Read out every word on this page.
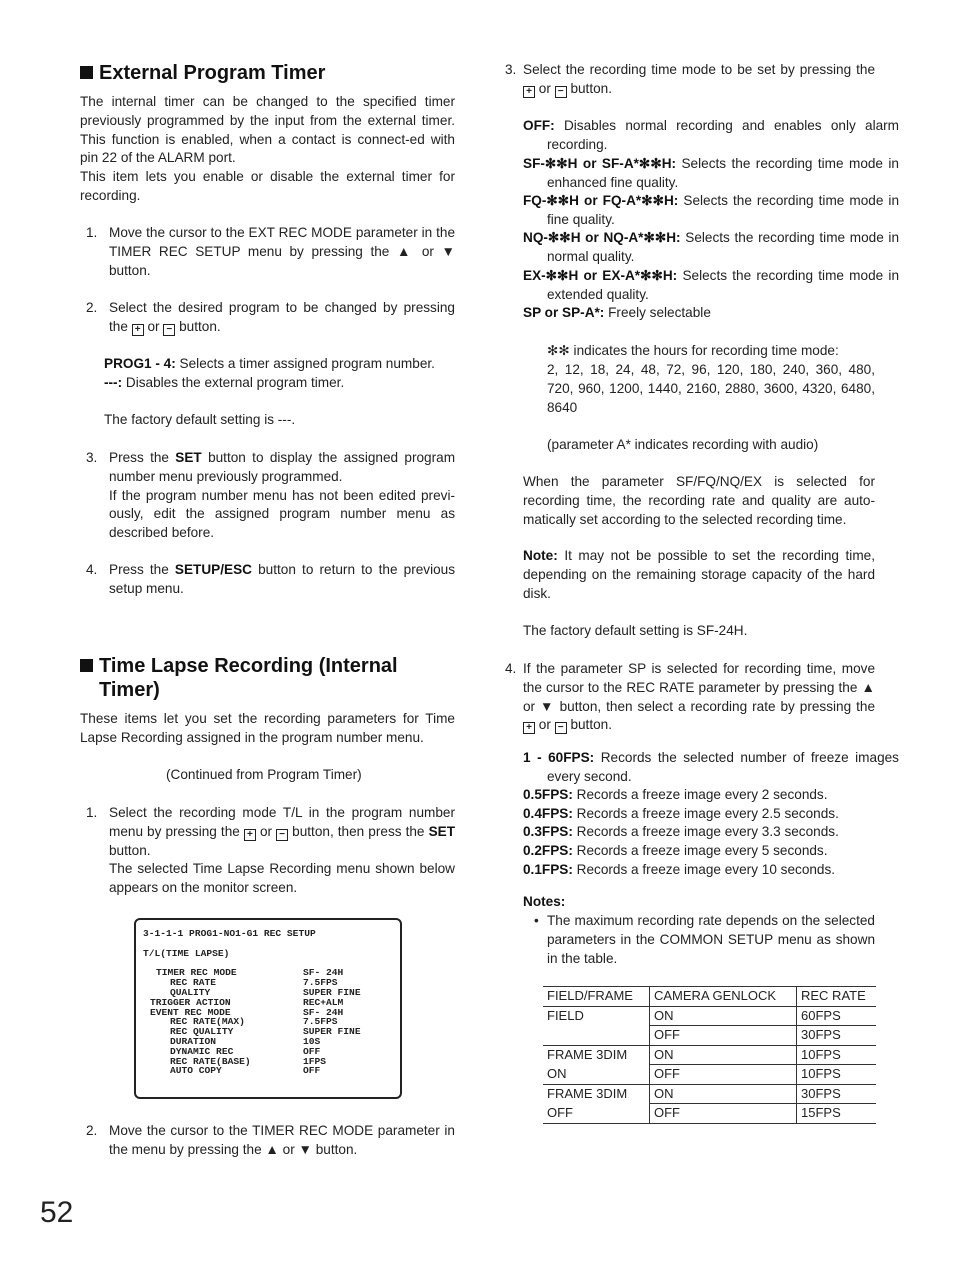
External Program Timer

The internal timer can be changed to the specified timer previously programmed by the input from the external timer. This function is enabled, when a contact is connect-ed with pin 22 of the ALARM port.

This item lets you enable or disable the external timer for recording.

1. Move the cursor to the EXT REC MODE parameter in the TIMER REC SETUP menu by pressing the ▲ or ▼ button.
2. Select the desired program to be changed by pressing the + or − button.
PROG1 - 4: Selects a timer assigned program number.
---: Disables the external program timer.
The factory default setting is ---.
3. Press the SET button to display the assigned program number menu previously programmed.
If the program number menu has not been edited previ-ously, edit the assigned program number menu as described before.
4. Press the SETUP/ESC button to return to the previous setup menu.
Time Lapse Recording (Internal
Timer)

These items let you set the recording parameters for Time Lapse Recording assigned in the program number menu.

(Continued from Program Timer)
1. Select the recording mode T/L in the program number menu by pressing the + or − button, then press the SET button.
The selected Time Lapse Recording menu shown below appears on the monitor screen.
2. Move the cursor to the TIMER REC MODE parameter in the menu by pressing the ▲ or ▼ button.
3-1-1-1 PROG1-NO1-G1 REC SETUP
T/L(TIME LAPSE)
TIMER REC MODE	SF- 24H
REC RATE	7.5FPS
QUALITY	SUPER FINE
TRIGGER ACTION	REC+ALM
EVENT REC MODE	SF- 24H
REC RATE(MAX)	7.5FPS
REC QUALITY	SUPER FINE
DURATION	10S
DYNAMIC REC	OFF
REC RATE(BASE)	1FPS
AUTO COPY	OFF
3. Select the recording time mode to be set by pressing the + or − button.
OFF: Disables normal recording and enables only alarm recording.
SF-✻✻H or SF-A*✻✻H: Selects the recording time mode in enhanced fine quality.
FQ-✻✻H or FQ-A*✻✻H: Selects the recording time mode in fine quality.
NQ-✻✻H or NQ-A*✻✻H: Selects the recording time mode in normal quality.
EX-✻✻H or EX-A*✻✻H: Selects the recording time mode in extended quality.
SP or SP-A*: Freely selectable
✻✻ indicates the hours for recording time mode:

2, 12, 18, 24, 48, 72, 96, 120, 180, 240, 360, 480, 720, 960, 1200, 1440, 2160, 2880, 3600, 4320, 6480, 8640

(parameter A* indicates recording with audio)

When the parameter SF/FQ/NQ/EX is selected for recording time, the recording rate and quality are auto-matically set according to the selected recording time.

Note: It may not be possible to set the recording time, depending on the remaining storage capacity of the hard disk.
The factory default setting is SF-24H.
4. If the parameter SP is selected for recording time, move the cursor to the REC RATE parameter by pressing the ▲ or ▼ button, then select a recording rate by pressing the + or − button.
1 - 60FPS: Records the selected number of freeze images every second.
0.5FPS: Records a freeze image every 2 seconds.
0.4FPS: Records a freeze image every 2.5 seconds.
0.3FPS: Records a freeze image every 3.3 seconds.
0.2FPS: Records a freeze image every 5 seconds.
0.1FPS: Records a freeze image every 10 seconds.
Notes:
• The maximum recording rate depends on the selected parameters in the COMMON SETUP menu as shown in the table.

FIELD/FRAME	CAMERA GENLOCK	REC RATE
FIELD	ON	60FPS
	OFF	30FPS
FRAME 3DIM	ON	10FPS
ON	OFF	10FPS
FRAME 3DIM	ON	30FPS
OFF	OFF	15FPS
52
